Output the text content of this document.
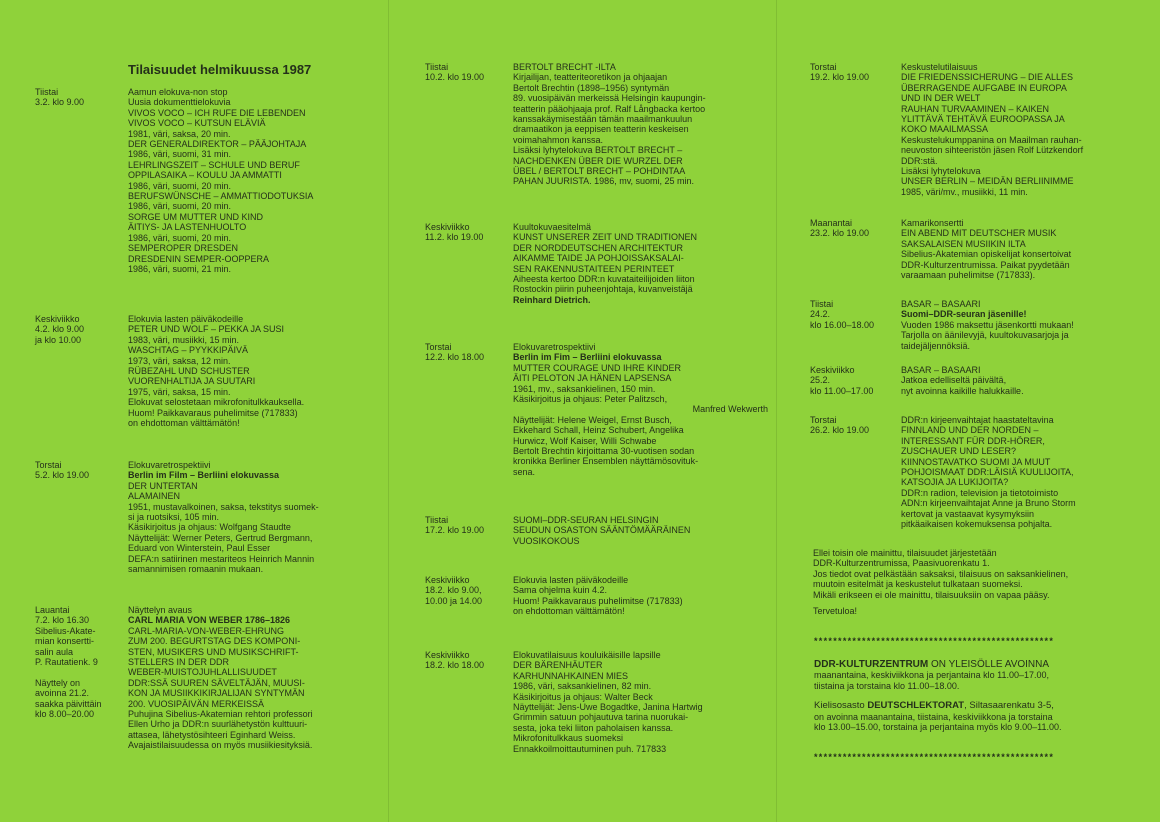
Tilaisuudet helmikuussa 1987
Tiistai
3.2. klo 9.00
Aamun elokuva-non stop
Uusia dokumenttielokuvia
VIVOS VOCO – ICH RUFE DIE LEBENDEN
VIVOS VOCO – KUTSUN ELÄVIÄ
1981, väri, saksa, 20 min.
DER GENERALDIREKTOR – PÄÄJOHTAJA
1986, väri, suomi, 31 min.
LEHRLINGSZEIT – SCHULE UND BERUF
OPPILASAIKA – KOULU JA AMMATTI
1986, väri, suomi, 20 min.
BERUFSWÜNSCHE – AMMATTIODOTUKSIA
1986, väri, suomi, 20 min.
SORGE UM MUTTER UND KIND
ÄITIYS- JA LASTENHUOLTO
1986, väri, suomi, 20 min.
SEMPEROPER DRESDEN
DRESDENIN SEMPER-OOPPERA
1986, väri, suomi, 21 min.
Keskiviikko
4.2. klo 9.00
ja klo 10.00
Elokuvia lasten päiväkodeille
PETER UND WOLF – PEKKA JA SUSI
1983, väri, musiikki, 15 min.
WASCHTAG – PYYKKIPÄIVÄ
1973, väri, saksa, 12 min.
RÜBEZAHL UND SCHUSTER
VUORENHALTIJA JA SUUTARI
1975, väri, saksa, 15 min.
Elokuvat selostetaan mikrofonitulkkauksella.
Huom! Paikkavaraus puhelimitse (717833)
on ehdottoman välttämätön!
Torstai
5.2. klo 19.00
Elokuvaretrospektiivi
Berlin im Film – Berliini elokuvassa
DER UNTERTAN
ALAMAINEN
1951, mustavalkoinen, saksa, tekstitys suomek-
si ja ruotsiksi, 105 min.
Käsikirjoitus ja ohjaus: Wolfgang Staudte
Näyttelijät: Werner Peters, Gertrud Bergmann,
Eduard von Winterstein, Paul Esser
DEFA:n satiirinen mestariteos Heinrich Mannin
samannimisen romaanin mukaan.
Lauantai
7.2. klo 16.30
Sibelius-Akate-
mian konsertti-
salin aula
P. Rautatienk. 9
Näyttely on
avoinna 21.2.
saakka päivittäin
klo 8.00–20.00
Näyttelyn avaus
CARL MARIA VON WEBER 1786–1826
CARL-MARIA-VON-WEBER-EHRUNG
ZUM 200. BEGURTSTAG DES KOMPONI-
STEN, MUSIKERS UND MUSIKSCHRIFT-
STELLERS IN DER DDR
WEBER-MUISTOJUHLALLISUUDET
DDR:SSÄ SUUREN SÄVELTÄJÄN, MUUSI-
KON JA MUSIIKKIKIRJALIJAN SYNTYMÄN
200. VUOSIPÄIVÄN MERKEISSÄ
Puhujina Sibelius-Akatemian rehtori professori
Ellen Urho ja DDR:n suurlähetystön kulttuuri-
attasea, lähetystösihteeri Eginhard Weiss.
Avajaistilaisuudessa on myös musiikiesityksiä.
Tiistai
10.2. klo 19.00
BERTOLT BRECHT -ILTA
Kirjailijan, teatteriteoretikon ja ohjaajan
Bertolt Brechtin (1898–1956) syntymän
89. vuosipäivän merkeissä Helsingin kaupungin-
teatterin pääohjaaja prof. Ralf Långbacka kertoo
kanssakäymisestään tämän maailmankuulun
dramaatikon ja eeppisen teatterin keskeisen
voimahahmon kanssa.
Lisäksi lyhytelokuva BERTOLT BRECHT –
NACHDENKEN ÜBER DIE WURZEL DER
ÜBEL / BERTOLT BRECHT – POHDINTAA
PAHAN JUURISTA. 1986, mv, suomi, 25 min.
Keskiviikko
11.2. klo 19.00
Kuultokuvaesitelmä
KUNST UNSERER ZEIT UND TRADITIONEN
DER NORDDEUTSCHEN ARCHITEKTUR
AIKAMME TAIDE JA POHJOISSAKSALAI-
SEN RAKENNUSTAITEEN PERINTEET
Aiheesta kertoo DDR:n kuvataiteilijoiden liiton
Rostockin piirin puheenjohtaja, kuvanveistäjä
Reinhard Dietrich.
Torstai
12.2. klo 18.00
Elokuvaretrospektiivi
Berlin im Fim – Berliini elokuvassa
MUTTER COURAGE UND IHRE KINDER
ÄITI PELOTON JA HÄNEN LAPSENSA
1961, mv., saksankielinen, 150 min.
Käsikirjoitus ja ohjaus: Peter Palitzsch,
Manfred Wekwerth
Näyttelijät: Helene Weigel, Ernst Busch,
Ekkehard Schall, Heinz Schubert, Angelika
Hurwicz, Wolf Kaiser, Willi Schwabe
Bertolt Brechtin kirjoittama 30-vuotisen sodan
kronikka Berliner Ensemblen näyttämösovituk-
sena.
Tiistai
17.2. klo 19.00
SUOMI–DDR-SEURAN HELSINGIN
SEUDUN OSASTON SÄÄNTÖMÄÄRÄINEN
VUOSIKOKOUS
Keskiviikko
18.2. klo 9.00,
10.00 ja 14.00
Elokuvia lasten päiväkodeille
Sama ohjelma kuin 4.2.
Huom! Paikkavaraus puhelimitse (717833)
on ehdottoman välttämätön!
Keskiviikko
18.2. klo 18.00
Elokuvatilaisuus kouluikäisille lapsille
DER BÄRENHÄUTER
KARHUNNAHKAINEN MIES
1986, väri, saksankielinen, 82 min.
Käsikirjoitus ja ohjaus: Walter Beck
Näyttelijät: Jens-Uwe Bogadtke, Janina Hartwig
Grimmin satuun pohjautuva tarina nuorukai-
sesta, joka teki liiton paholaisen kanssa.
Mikrofonitulkkaus suomeksi
Ennakkoilmoittautuminen puh. 717833
Torstai
19.2. klo 19.00
Keskustelutilaisuus
DIE FRIEDENSSICHERUNG – DIE ALLES
ÜBERRAGENDE AUFGABE IN EUROPA
UND IN DER WELT
RAUHAN TURVAAMINEN – KAIKEN
YLITTÄVÄ TEHTÄVÄ EUROOPASSA JA
KOKO MAAILMASSA
Keskustelukumppanina on Maailman rauhan-
neuvoston sihteeristön jäsen Rolf Lützkendorf
DDR:stä.
Lisäksi lyhytelokuva
UNSER BERLIN – MEIDÄN BERLIINIMME
1985, väri/mv., musiikki, 11 min.
Maanantai
23.2. klo 19.00
Kamarikonsertti
EIN ABEND MIT DEUTSCHER MUSIK
SAKSALAISEN MUSIIKIN ILTA
Sibelius-Akatemian opiskelijat konsertoivat
DDR-Kulturzentrumissa. Paikat pyydetään
varaamaan puhelimitse (717833).
Tiistai
24.2.
klo 16.00–18.00
BASAR – BASAARI
Suomi–DDR-seuran jäsenille!
Vuoden 1986 maksettu jäsenkortti mukaan!
Tarjolla on äänilevyjä, kuultokuvasarjoja ja
taidejäljennöksiä.
Keskiviikko
25.2.
klo 11.00–17.00
BASAR – BASAARI
Jatkoa edelliseltä päivältä,
nyt avoinna kaikille halukkaille.
Torstai
26.2. klo 19.00
DDR:n kirjeenvaihtajat haastateltavina
FINNLAND UND DER NORDEN –
INTERESSANT FÜR DDR-HÖRER,
ZUSCHAUER UND LESER?
KIINNOSTAVATKO SUOMI JA MUUT
POHJOISMAAT DDR:LÄISIÄ KUULIJOITA,
KATSOJIA JA LUKIJOITA?
DDR:n radion, television ja tietotoimisto
ADN:n kirjeenvaihtajat Anne ja Bruno Storm
kertovat ja vastaavat kysymyksiin
pitkäaikaisen kokemuksensa pohjalta.
Ellei toisin ole mainittu, tilaisuudet järjestetään
DDR-Kulturzentrumissa, Paasivuorenkatu 1.
Jos tiedot ovat pelkästään saksaksi, tilaisuus on saksankielinen,
muutoin esitelmät ja keskustelut tulkataan suomeksi.
Mikäli erikseen ei ole mainittu, tilaisuuksiin on vapaa pääsy.
Tervetuloa!
**************************************************
DDR-KULTURZENTRUM ON YLEISÖLLE AVOINNA
maanantaina, keskiviikkona ja perjantaina klo 11.00–17.00,
tiistaina ja torstaina klo 11.00–18.00.
Kielisosasto DEUTSCHLEKTORAT, Siltasaarenkatu 3-5,
on avoinna maanantaina, tiistaina, keskiviikkona ja torstaina
klo 13.00–15.00, torstaina ja perjantaina myös klo 9.00–11.00.
**************************************************
